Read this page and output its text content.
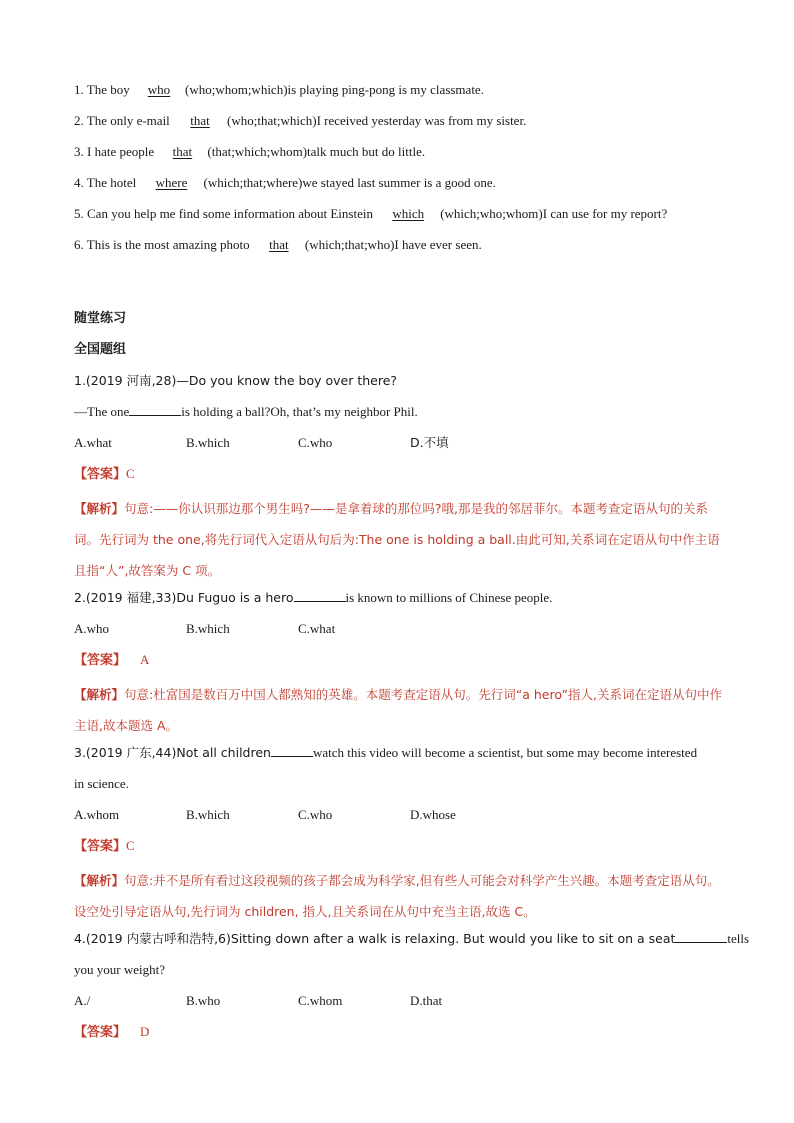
1. The boy who (who;whom;which)is playing ping-pong is my classmate.
2. The only e-mail that (who;that;which)I received yesterday was from my sister.
3. I hate people that (that;which;whom)talk much but do little.
4. The hotel where (which;that;where)we stayed last summer is a good one.
5. Can you help me find some information about Einstein which (which;who;whom)I can use for my report?
6. This is the most amazing photo that (which;that;who)I have ever seen.
随堂练习
全国题组
1.(2019 河南,28)—Do you know the boy over there?
—The one	is holding a ball?Oh, that’s my neighbor Phil.
A.what	B.which	C.who	D.不填
【答案】C
【解析】句意:——你认识那边那个男生吗?——是拿着球的那位吗?哦,那是我的邻居菲尔。本题考查定语从句的关系词。先行词为 the one,将先行词代入定语从句后为:The one is holding a ball.由此可知,关系词在定语从句中作主语且指“人”,故答案为 C 项。
2.(2019 福建,33)Du Fuguo is a hero	is known to millions of Chinese people.
A.who	B.which	C.what
【答案】 A
【解析】句意:杜富国是数百万中国人都熟知的英雄。本题考查定语从句。先行词“a hero”指人,关系词在定语从句中作主语,故本题选 A。
3.(2019 广东,44)Not all children	watch this video will become a scientist, but some may become interested
in science.
A.whom	B.which	C.who	D.whose
【答案】C
【解析】句意:并不是所有看过这段视频的孩子都会成为科学家,但有些人可能会对科学产生兴趣。本题考查定语从句。设空处引导定语从句,先行词为 children, 指人,且关系词在从句中充当主语,故选 C。
4.(2019 内蒙古呼和浩特,6)Sitting down after a walk is relaxing. But would you like to sit on a seat	tells
you your weight?
A./	B.who	C.whom	D.that
【答案】 D
